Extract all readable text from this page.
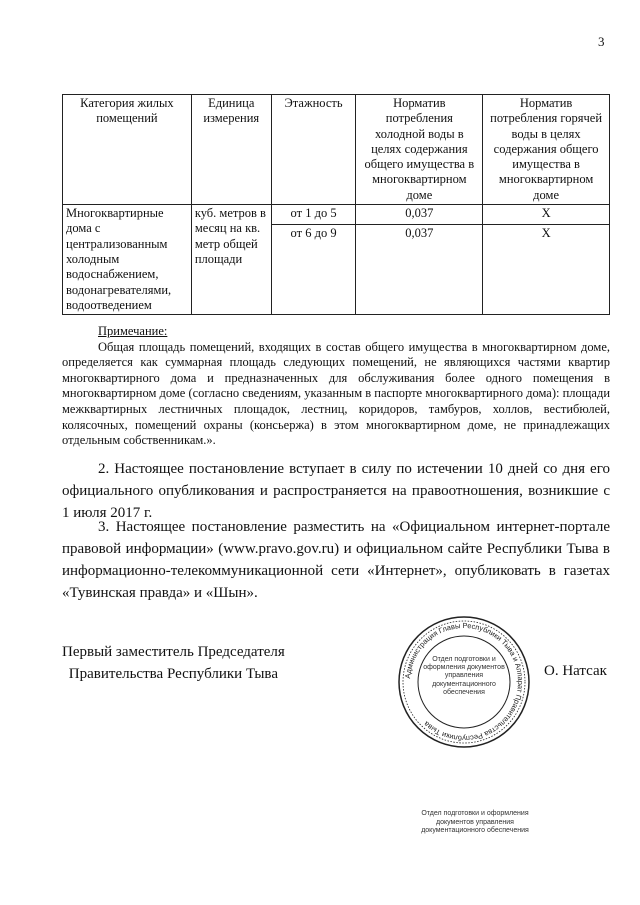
3
Категория жилых помещений	Единица измерения	Этажность	Норматив потребления холодной воды в целях содержания общего имущества в многоквартирном доме	Норматив потребления горячей воды в целях содержания общего имущества в многоквартирном доме
Многоквартирные дома с централизованным холодным водоснабжением, водонагревателями, водоотведением	куб. метров в месяц на кв. метр общей площади	от 1 до 5	0,037	X
		от 6 до 9	0,037	X
Примечание:

Общая площадь помещений, входящих в состав общего имущества в многоквартирном доме, определяется как суммарная площадь следующих помещений, не являющихся частями квартир многоквартирного дома и предназначенных для обслуживания более одного помещения в многоквартирном доме (согласно сведениям, указанным в паспорте многоквартирного дома): площади межквартирных лестничных площадок, лестниц, коридоров, тамбуров, холлов, вестибюлей, колясочных, помещений охраны (консьержа) в этом многоквартирном доме, не принадлежащих отдельным собственникам.».

2. Настоящее постановление вступает в силу по истечении 10 дней со дня его официального опубликования и распространяется на правоотношения, возникшие с 1 июля 2017 г.

3. Настоящее постановление разместить на «Официальном интернет-портале правовой информации» (www.pravo.gov.ru) и официальном сайте Республики Тыва в информационно-телекоммуникационной сети «Интернет», опубликовать в газетах «Тувинская правда» и «Шын».

Первый заместитель Председателя
Правительства Республики Тыва	Администрация Главы Республики Тыва и Аппарат Правительства Республики Тыва
Отдел подготовки и оформления документов управления документационного обеспечения
О. Натсак
Отдел подготовки и оформления документов управления документационного обеспечения
